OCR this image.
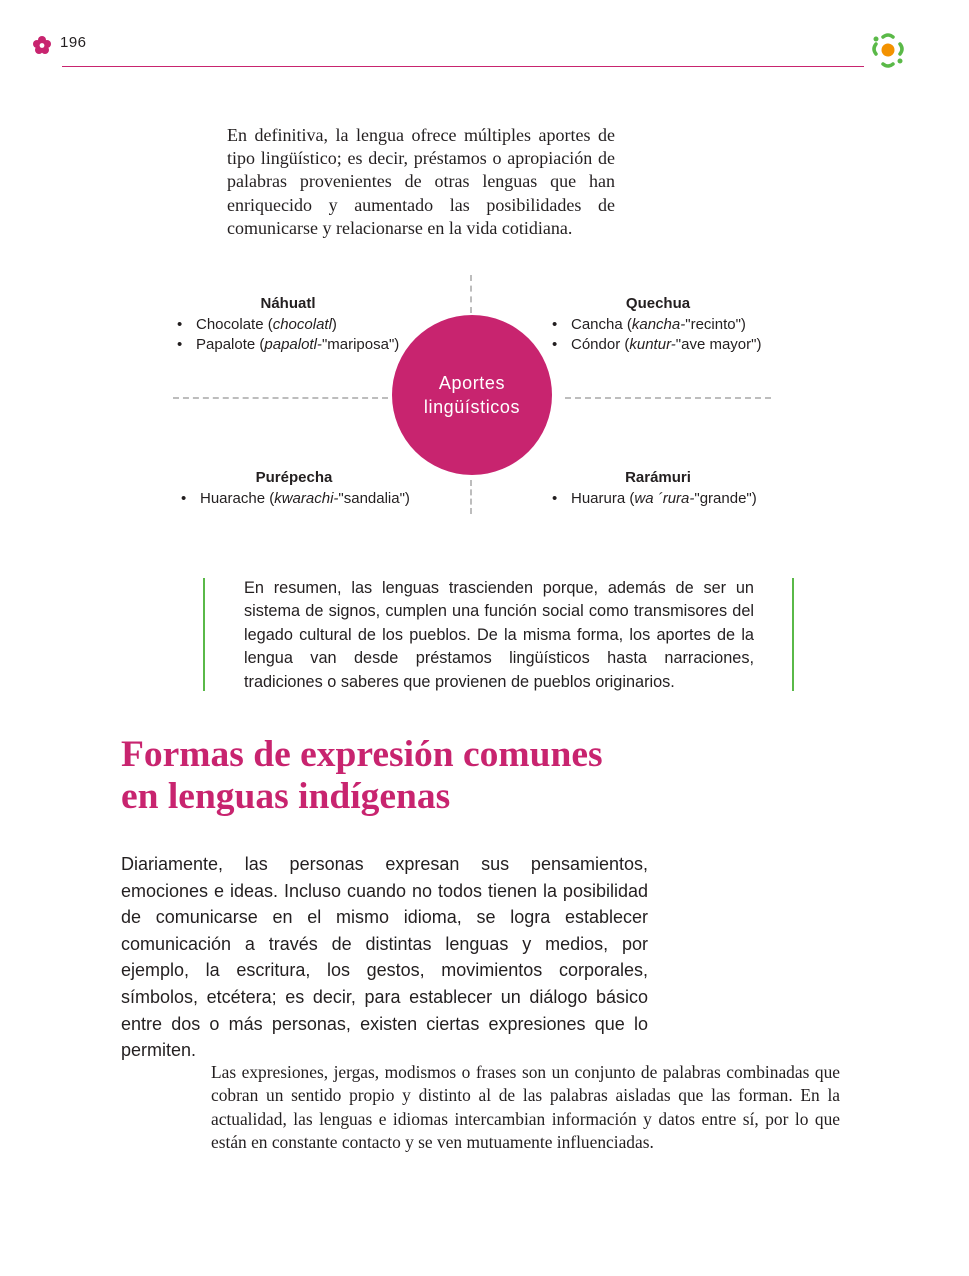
196
En definitiva, la lengua ofrece múltiples aportes de tipo lingüístico; es decir, préstamos o apropiación de palabras provenientes de otras lenguas que han enriquecido y aumentado las posibilidades de comunicarse y relacionarse en la vida cotidiana.
Aportes
lingüísticos
Náhuatl
• Chocolate (chocolatl)
• Papalote (papalotl-"mariposa")
Quechua
• Cancha (kancha-"recinto")
• Cóndor (kuntur-"ave mayor")
Purépecha
• Huarache (kwarachi-"sandalia")
Rarámuri
• Huarura (wa ´rura-"grande")
En resumen, las lenguas trascienden porque, además de ser un sistema de signos, cumplen una función social como transmisores del legado cultural de los pueblos. De la misma forma, los aportes de la lengua van desde préstamos lingüísticos hasta narraciones, tradiciones o saberes que provienen de pueblos originarios.
Formas de expresión comunes
en lenguas indígenas
Diariamente, las personas expresan sus pensamientos, emociones e ideas. Incluso cuando no todos tienen la posibilidad de comunicarse en el mismo idioma, se logra establecer comunicación a través de distintas lenguas y medios, por ejemplo, la escritura, los gestos, movimientos corporales, símbolos, etcétera; es decir, para establecer un diálogo básico entre dos o más personas, existen ciertas expresiones que lo permiten.
Las expresiones, jergas, modismos o frases son un conjunto de palabras combinadas que cobran un sentido propio y distinto al de las palabras aisladas que las forman. En la actualidad, las lenguas e idiomas intercambian información y datos entre sí, por lo que están en constante contacto y se ven mutuamente influenciadas.
